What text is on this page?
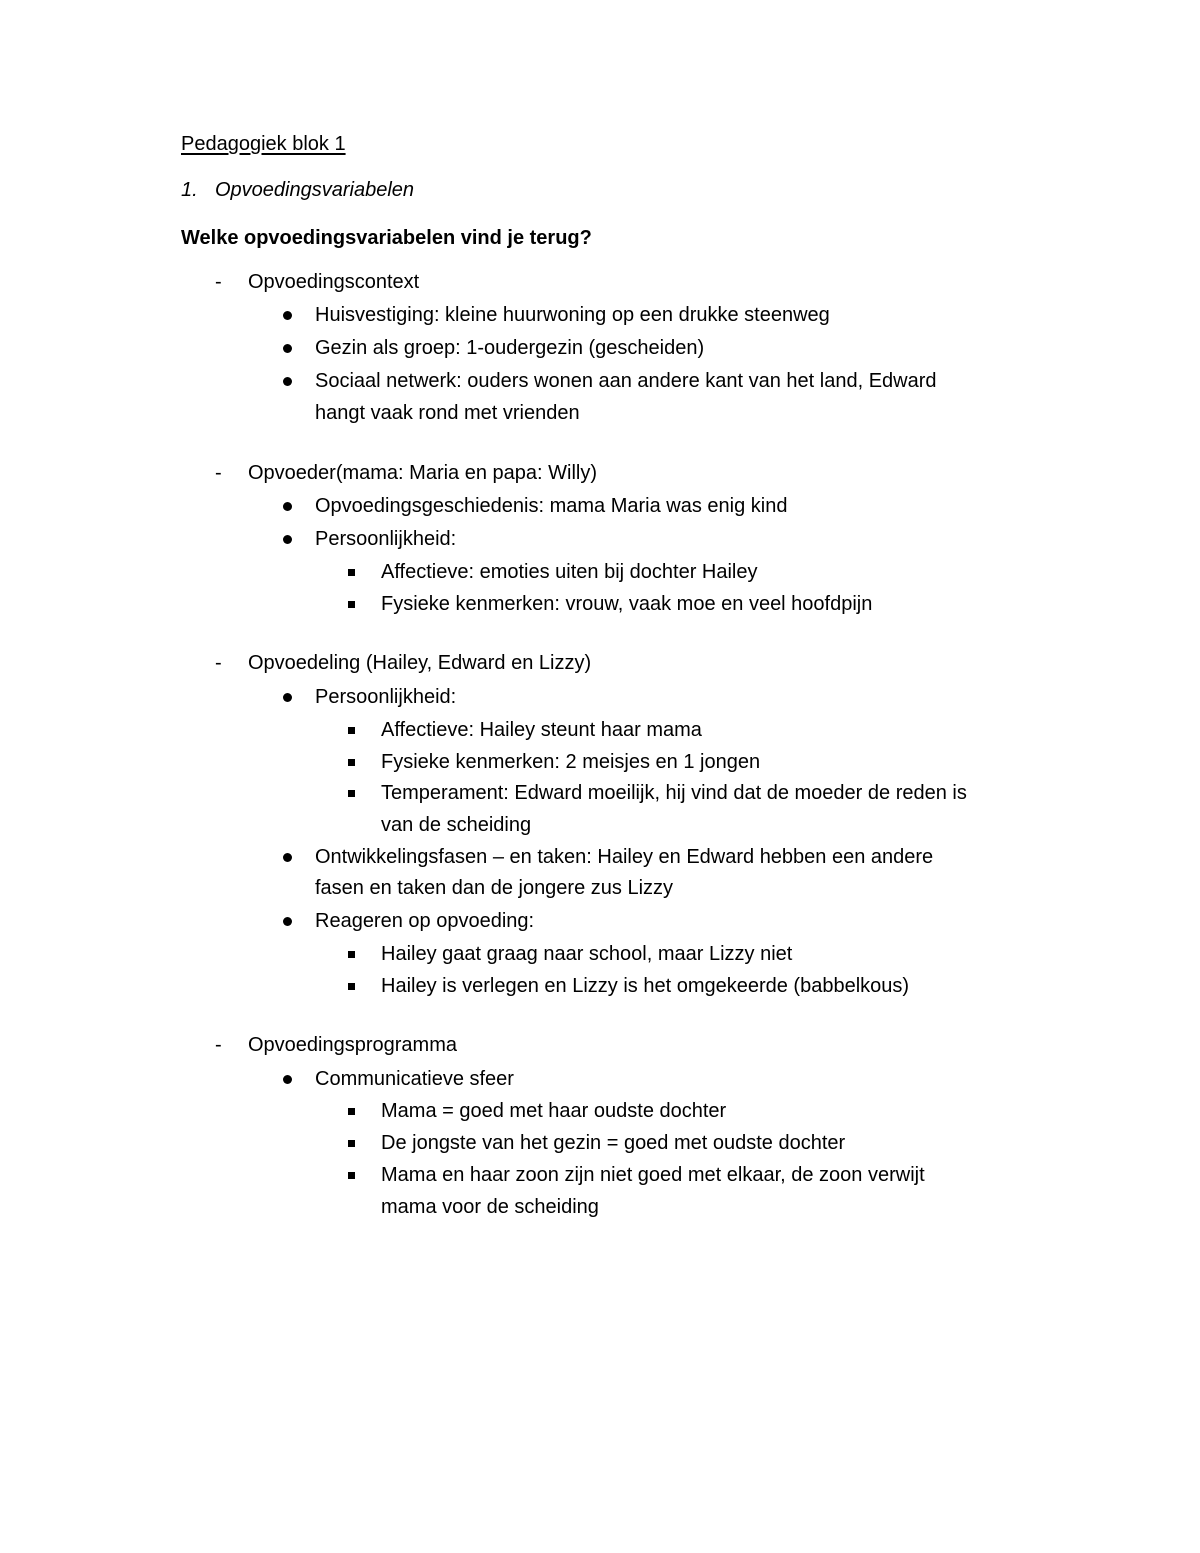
Pedagogiek blok 1
1. Opvoedingsvariabelen
Welke opvoedingsvariabelen vind je terug?
- Opvoedingscontext
Huisvestiging: kleine huurwoning op een drukke steenweg
Gezin als groep: 1-oudergezin (gescheiden)
Sociaal netwerk: ouders wonen aan andere kant van het land, Edward
hangt vaak rond met vrienden
- Opvoeder(mama: Maria en papa: Willy)
Opvoedingsgeschiedenis: mama Maria was enig kind
Persoonlijkheid:
Affectieve: emoties uiten bij dochter Hailey
Fysieke kenmerken: vrouw, vaak moe en veel hoofdpijn
- Opvoedeling (Hailey, Edward en Lizzy)
Persoonlijkheid:
Affectieve: Hailey steunt haar mama
Fysieke kenmerken: 2 meisjes en 1 jongen
Temperament: Edward moeilijk, hij vind dat de moeder de reden is
van de scheiding
Ontwikkelingsfasen – en taken: Hailey en Edward hebben een andere
fasen en taken dan de jongere zus Lizzy
Reageren op opvoeding:
Hailey gaat graag naar school, maar Lizzy niet
Hailey is verlegen en Lizzy is het omgekeerde (babbelkous)
- Opvoedingsprogramma
Communicatieve sfeer
Mama = goed met haar oudste dochter
De jongste van het gezin = goed met oudste dochter
Mama en haar zoon zijn niet goed met elkaar, de zoon verwijt
mama voor de scheiding
